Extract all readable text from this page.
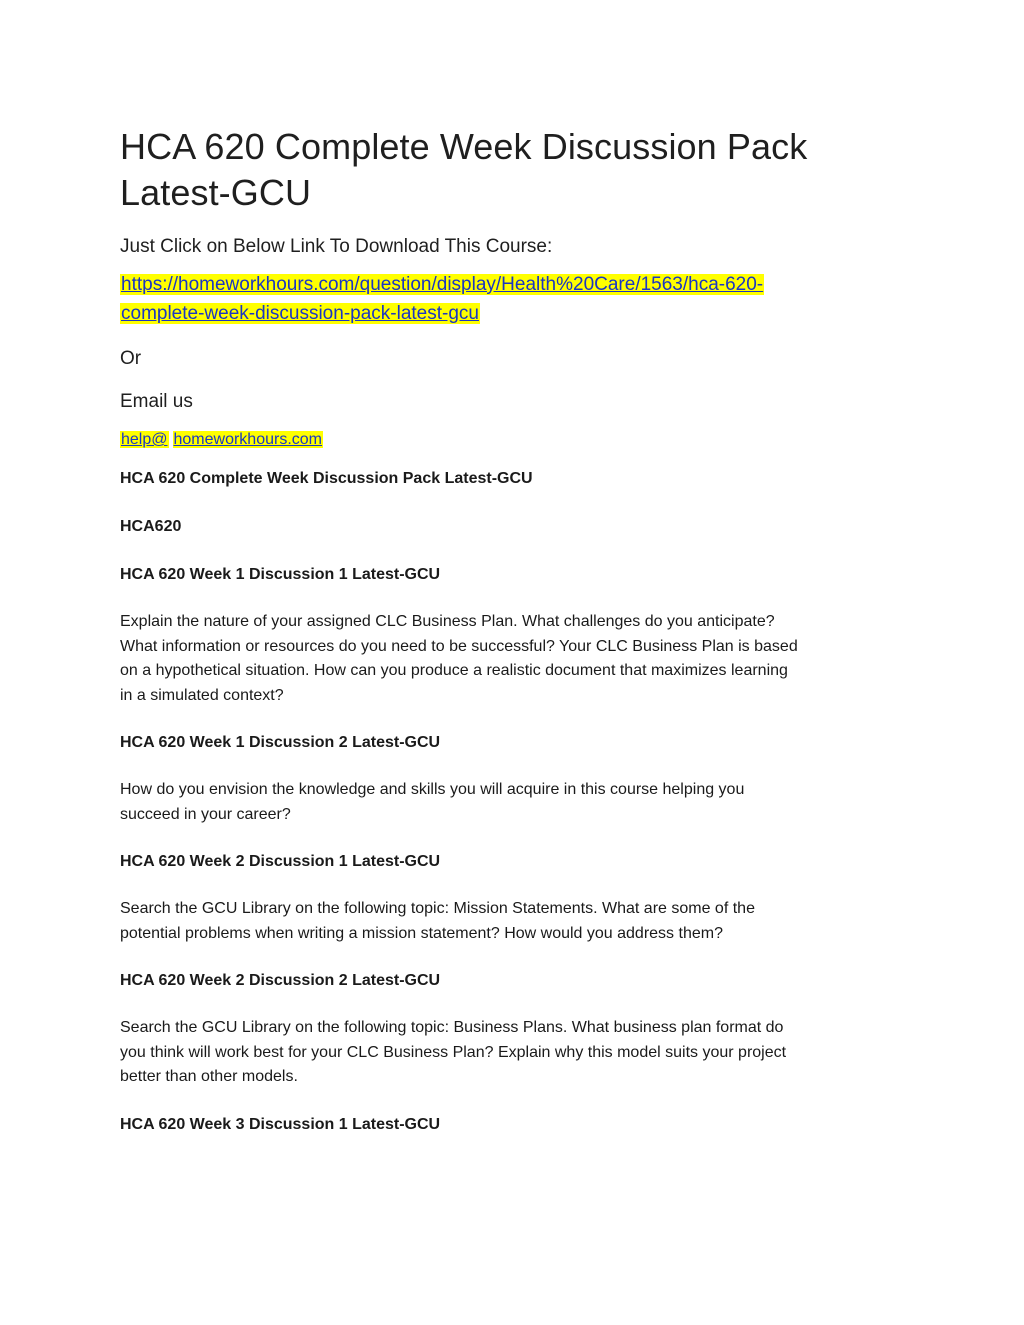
HCA 620 Complete Week Discussion Pack
Latest-GCU
Just Click on Below Link To Download This Course:
https://homeworkhours.com/question/display/Health%20Care/1563/hca-620-
complete-week-discussion-pack-latest-gcu
Or
Email us
help@ homeworkhours.com

HCA 620 Complete Week Discussion Pack Latest-GCU

HCA620

HCA 620 Week 1 Discussion 1 Latest-GCU

Explain the nature of your assigned CLC Business Plan. What challenges do you anticipate?
What information or resources do you need to be successful? Your CLC Business Plan is based
on a hypothetical situation. How can you produce a realistic document that maximizes learning
in a simulated context?

HCA 620 Week 1 Discussion 2 Latest-GCU

How do you envision the knowledge and skills you will acquire in this course helping you
succeed in your career?

HCA 620 Week 2 Discussion 1 Latest-GCU

Search the GCU Library on the following topic: Mission Statements. What are some of the
potential problems when writing a mission statement? How would you address them?

HCA 620 Week 2 Discussion 2 Latest-GCU

Search the GCU Library on the following topic: Business Plans. What business plan format do
you think will work best for your CLC Business Plan? Explain why this model suits your project
better than other models.

HCA 620 Week 3 Discussion 1 Latest-GCU
